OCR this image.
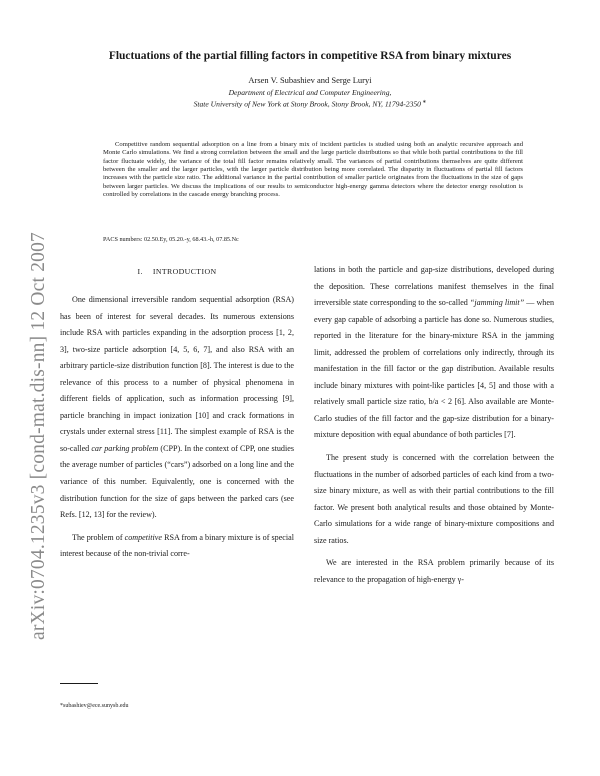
arXiv:0704.1235v3 [cond-mat.dis-nn] 12 Oct 2007
Fluctuations of the partial filling factors in competitive RSA from binary mixtures
Arsen V. Subashiev and Serge Luryi
Department of Electrical and Computer Engineering,
State University of New York at Stony Brook, Stony Brook, NY, 11794-2350 ∗

Competitive random sequential adsorption on a line from a binary mix of incident particles is studied using both an analytic recursive approach and Monte Carlo simulations. We find a strong correlation between the small and the large particle distributions so that while both partial contributions to the fill factor fluctuate widely, the variance of the total fill factor remains relatively small. The variances of partial contributions themselves are quite different between the smaller and the larger particles, with the larger particle distribution being more correlated. The disparity in fluctuations of partial fill factors increases with the particle size ratio. The additional variance in the partial contribution of smaller particle originates from the fluctuations in the size of gaps between larger particles. We discuss the implications of our results to semiconductor high-energy gamma detectors where the detector energy resolution is controlled by correlations in the cascade energy branching process.

PACS numbers: 02.50.Ey, 05.20.-y, 68.43.-h, 07.85.Nc
I. INTRODUCTION

One dimensional irreversible random sequential adsorption (RSA) has been of interest for several decades. Its numerous extensions include RSA with particles expanding in the adsorption process [1, 2, 3], two-size particle adsorption [4, 5, 6, 7], and also RSA with an arbitrary particle-size distribution function [8]. The interest is due to the relevance of this process to a number of physical phenomena in different fields of application, such as information processing [9], particle branching in impact ionization [10] and crack formations in crystals under external stress [11]. The simplest example of RSA is the so-called car parking problem (CPP). In the context of CPP, one studies the average number of particles (“cars”) adsorbed on a long line and the variance of this number. Equivalently, one is concerned with the distribution function for the size of gaps between the parked cars (see Refs. [12, 13] for the review).

The problem of competitive RSA from a binary mixture is of special interest because of the non-trivial corre-

lations in both the particle and gap-size distributions, developed during the deposition. These correlations manifest themselves in the final irreversible state corresponding to the so-called “jamming limit” — when every gap capable of adsorbing a particle has done so. Numerous studies, reported in the literature for the binary-mixture RSA in the jamming limit, addressed the problem of correlations only indirectly, through its manifestation in the fill factor or the gap distribution. Available results include binary mixtures with point-like particles [4, 5] and those with a relatively small particle size ratio, b/a < 2 [6]. Also available are Monte-Carlo studies of the fill factor and the gap-size distribution for a binary-mixture deposition with equal abundance of both particles [7].

The present study is concerned with the correlation between the fluctuations in the number of adsorbed particles of each kind from a two-size binary mixture, as well as with their partial contributions to the fill factor. We present both analytical results and those obtained by Monte-Carlo simulations for a wide range of binary-mixture compositions and size ratios.

We are interested in the RSA problem primarily because of its relevance to the propagation of high-energy γ-

*subashiev@ece.sunysb.edu
